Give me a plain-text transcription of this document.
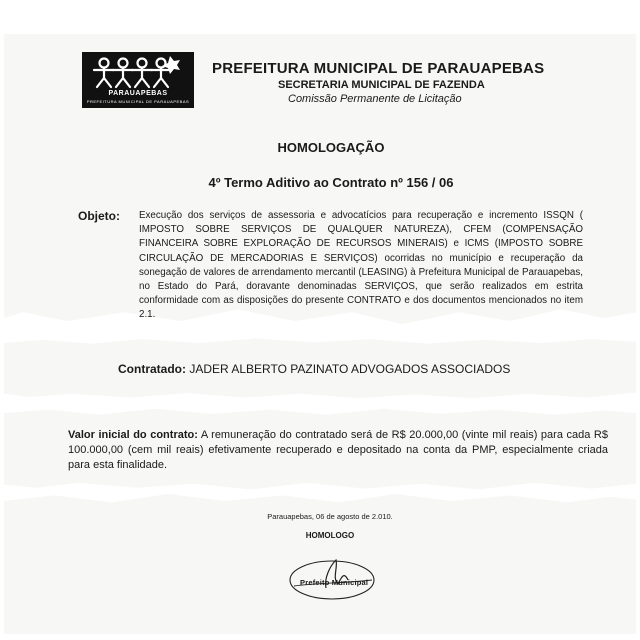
PARAUAPEBAS
PREFEITURA MUNICIPAL DE PARAUAPEBAS
PREFEITURA MUNICIPAL DE PARAUAPEBAS
SECRETARIA MUNICIPAL DE FAZENDA
Comissão Permanente de Licitação
HOMOLOGAÇÃO
4º Termo Aditivo ao Contrato nº 156 / 06
Objeto: Execução dos serviços de assessoria e advocatícios para recuperação e incremento ISSQN ( IMPOSTO SOBRE SERVIÇOS DE QUALQUER NATUREZA), CFEM (COMPENSAÇÃO FINANCEIRA SOBRE EXPLORAÇÃO DE RECURSOS MINERAIS) e ICMS (IMPOSTO SOBRE CIRCULAÇÃO DE MERCADORIAS E SERVIÇOS) ocorridas no município e recuperação da sonegação de valores de arrendamento mercantil (LEASING) à Prefeitura Municipal de Parauapebas, no Estado do Pará, doravante denominadas SERVIÇOS, que serão realizados em estrita conformidade com as disposições do presente CONTRATO e dos documentos mencionados no item 2.1.
Contratado: JADER ALBERTO PAZINATO ADVOGADOS ASSOCIADOS
Valor inicial do contrato: A remuneração do contratado será de R$ 20.000,00 (vinte mil reais) para cada R$ 100.000,00 (cem mil reais) efetivamente recuperado e depositado na conta da PMP, especialmente criada para esta finalidade.
Parauapebas, 06 de agosto de 2.010.
HOMOLOGO
Prefeito Municipal
